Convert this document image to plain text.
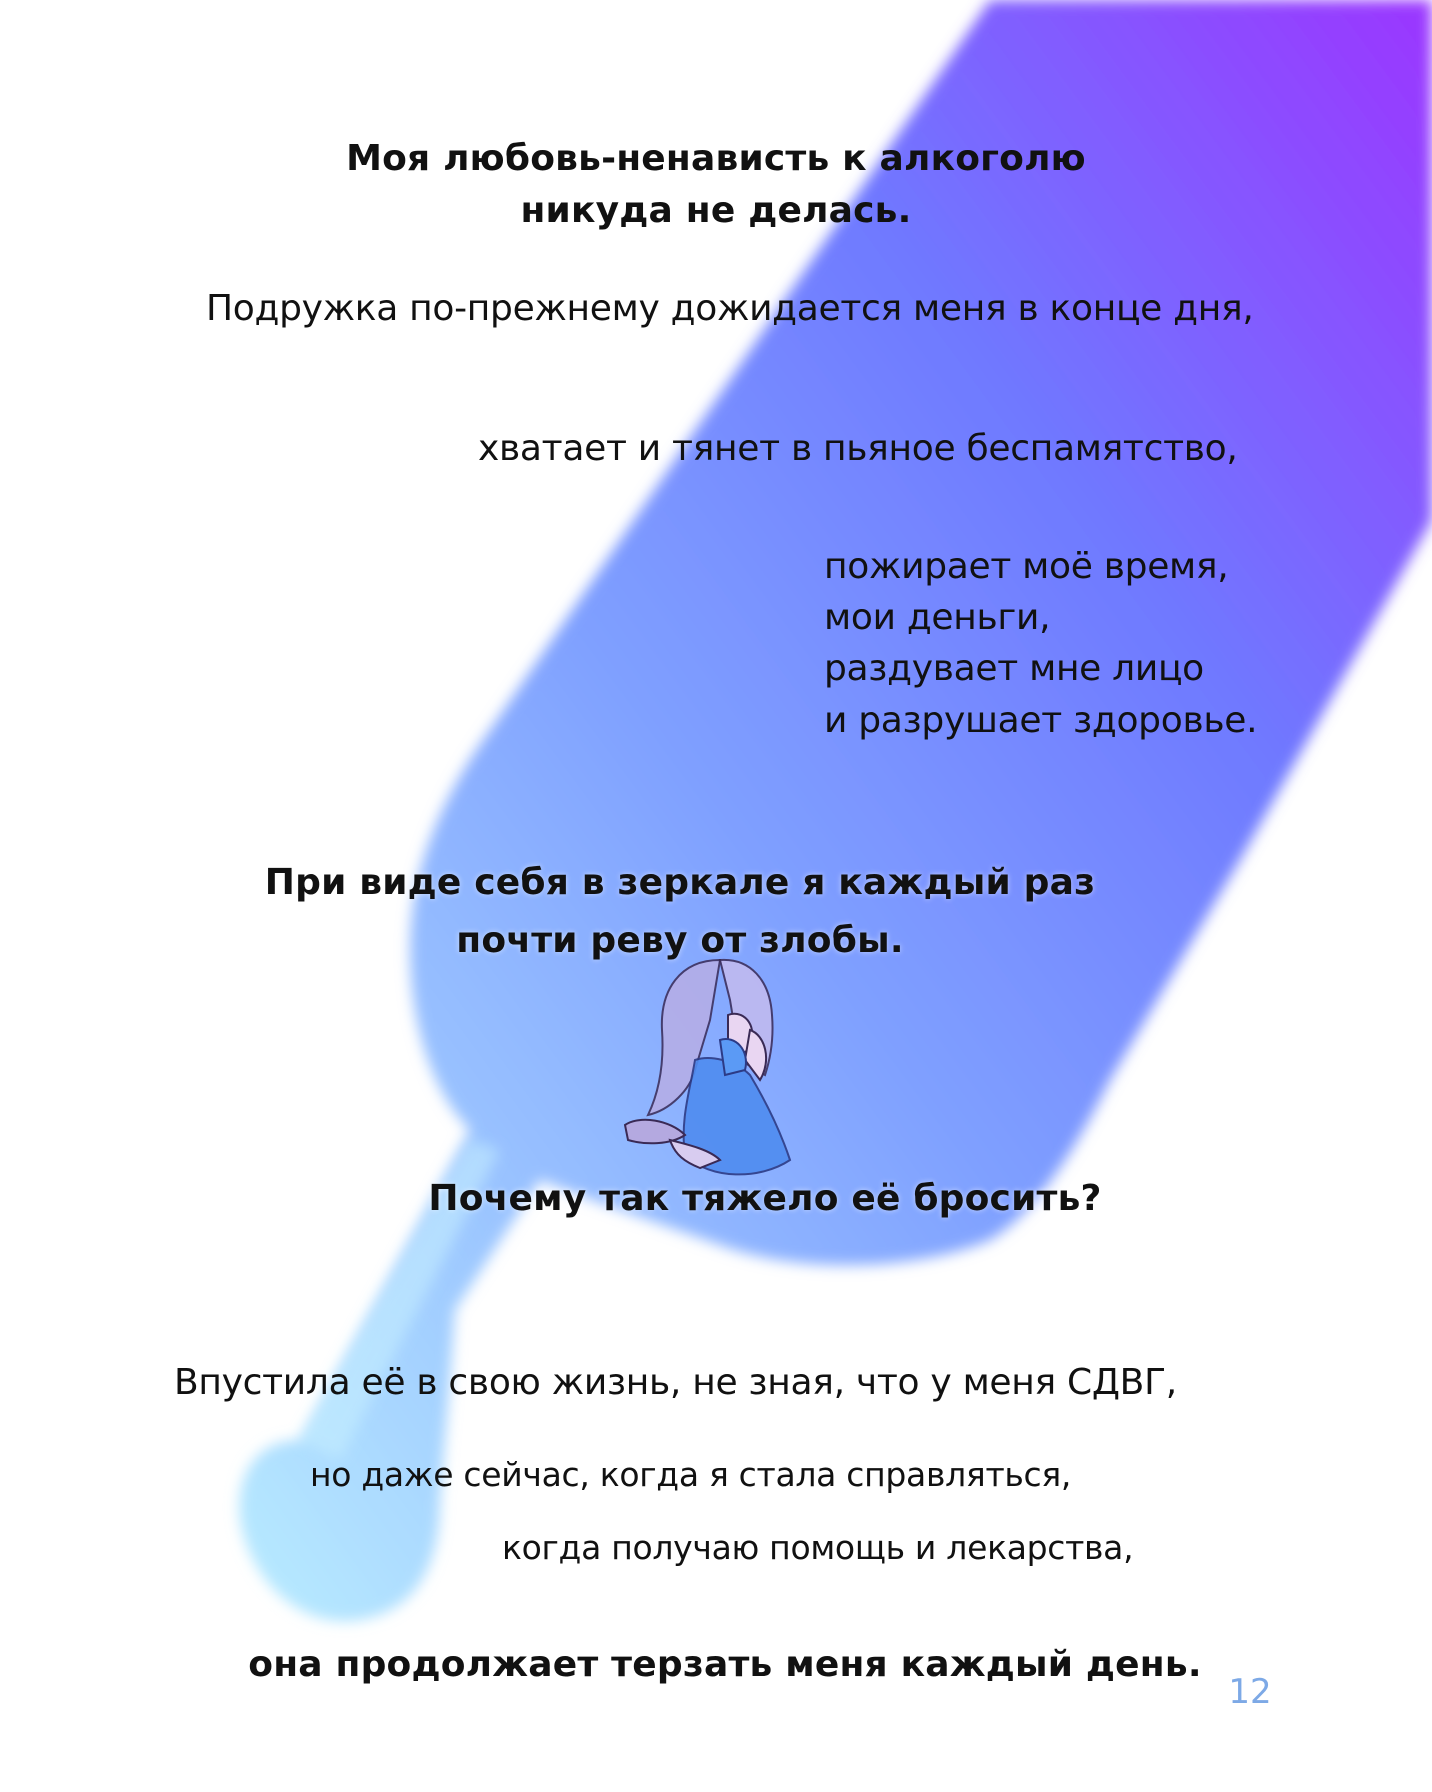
Моя любовь-ненависть к алкоголю

никуда не делась.

Подружка по-прежнему дожидается меня в конце дня,

хватает и тянет в пьяное беспамятство,

пожирает моё время,

мои деньги,

раздувает мне лицо

и разрушает здоровье.

При виде себя в зеркале я каждый раз

почти реву от злобы.

Почему так тяжело её бросить?

Впустила её в свою жизнь, не зная, что у меня СДВГ,

но даже сейчас, когда я стала справляться,

когда получаю помощь и лекарства,

она продолжает терзать меня каждый день.

12
